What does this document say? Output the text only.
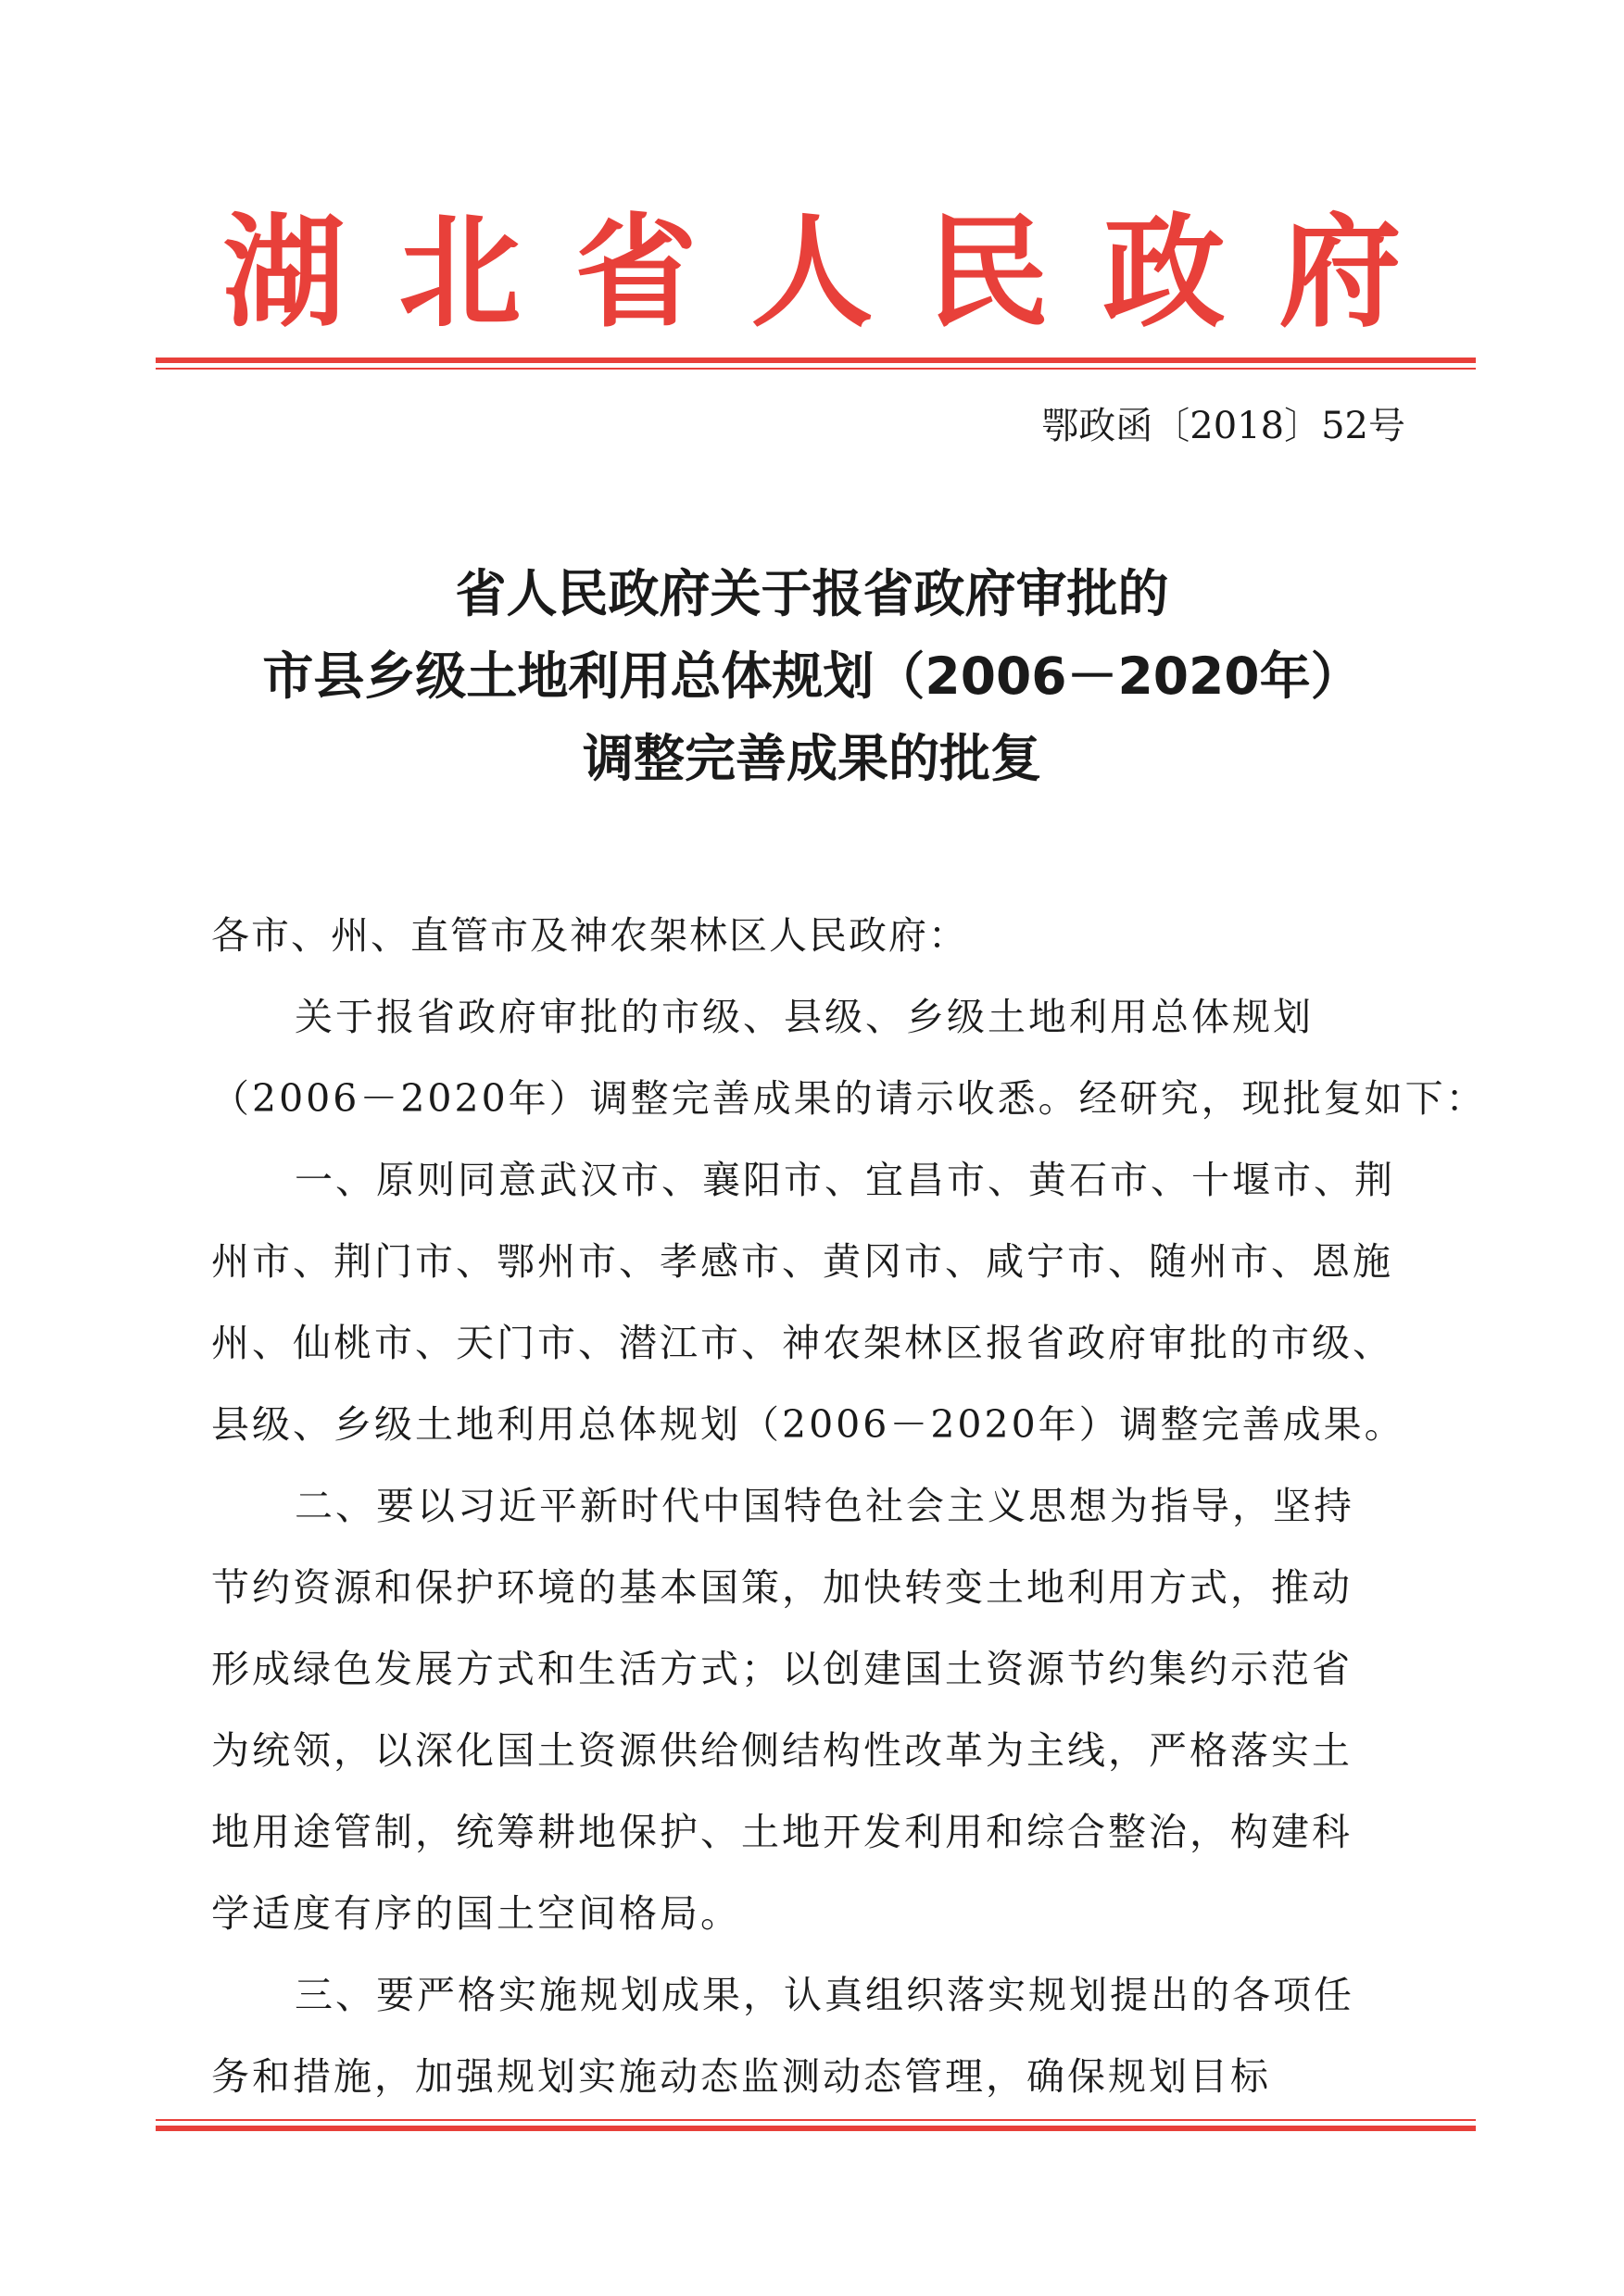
湖北省人民政府
鄂政函〔2018〕52号
省人民政府关于报省政府审批的
市县乡级土地利用总体规划（2006－2020年）
调整完善成果的批复
各市、州、直管市及神农架林区人民政府：
关于报省政府审批的市级、县级、乡级土地利用总体规划
（2006－2020年）调整完善成果的请示收悉。经研究，现批复如下：
一、原则同意武汉市、襄阳市、宜昌市、黄石市、十堰市、荆
州市、荆门市、鄂州市、孝感市、黄冈市、咸宁市、随州市、恩施
州、仙桃市、天门市、潜江市、神农架林区报省政府审批的市级、
县级、乡级土地利用总体规划（2006－2020年）调整完善成果。
二、要以习近平新时代中国特色社会主义思想为指导，坚持
节约资源和保护环境的基本国策，加快转变土地利用方式，推动
形成绿色发展方式和生活方式；以创建国土资源节约集约示范省
为统领，以深化国土资源供给侧结构性改革为主线，严格落实土
地用途管制，统筹耕地保护、土地开发利用和综合整治，构建科
学适度有序的国土空间格局。
三、要严格实施规划成果，认真组织落实规划提出的各项任
务和措施，加强规划实施动态监测动态管理，确保规划目标
